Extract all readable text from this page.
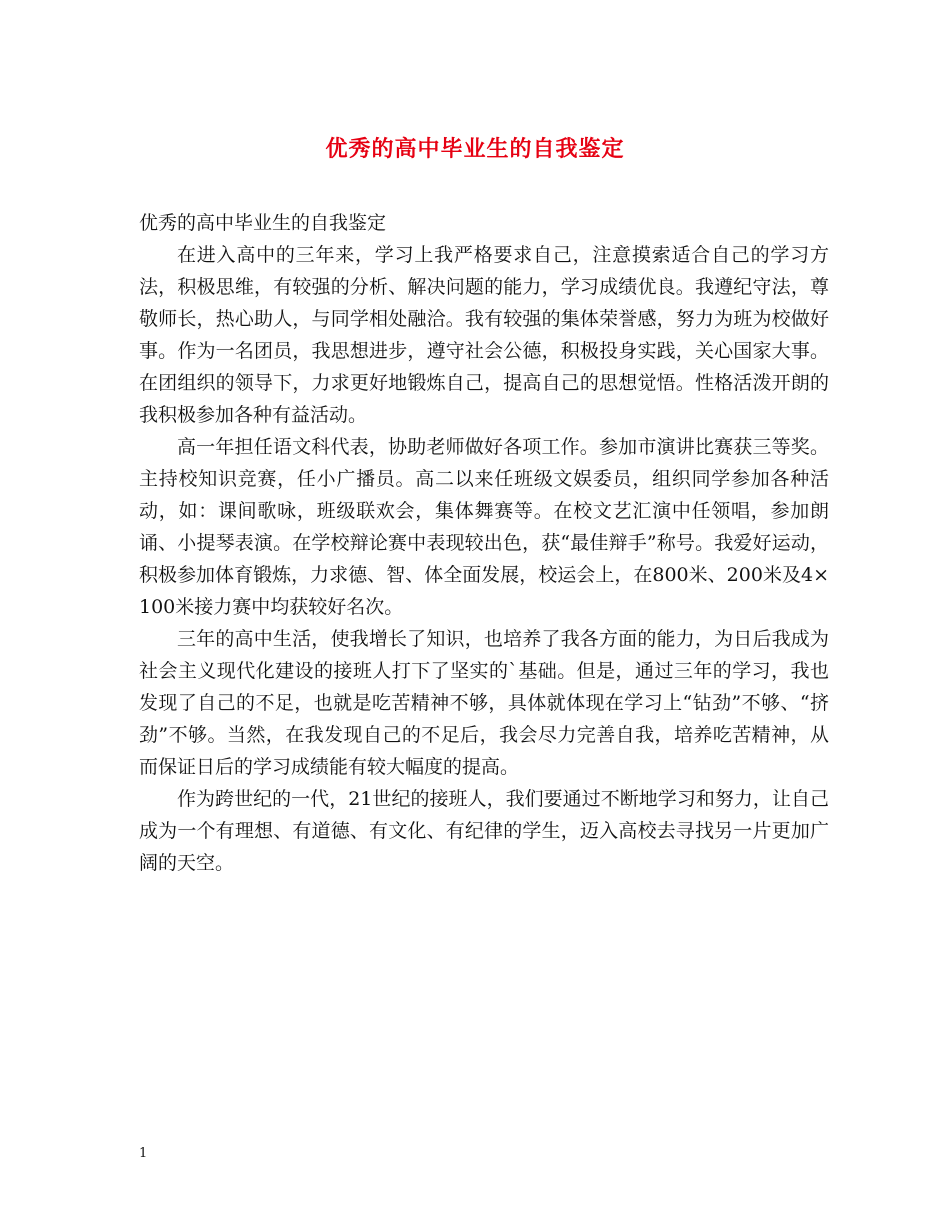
优秀的高中毕业生的自我鉴定

优秀的高中毕业生的自我鉴定

在进入高中的三年来，学习上我严格要求自己，注意摸索适合自己的学习方法，积极思维，有较强的分析、解决问题的能力，学习成绩优良。我遵纪守法，尊敬师长，热心助人，与同学相处融洽。我有较强的集体荣誉感，努力为班为校做好事。作为一名团员，我思想进步，遵守社会公德，积极投身实践，关心国家大事。在团组织的领导下，力求更好地锻炼自己，提高自己的思想觉悟。性格活泼开朗的我积极参加各种有益活动。

高一年担任语文科代表，协助老师做好各项工作。参加市演讲比赛获三等奖。主持校知识竞赛，任小广播员。高二以来任班级文娱委员，组织同学参加各种活动，如：课间歌咏，班级联欢会，集体舞赛等。在校文艺汇演中任领唱，参加朗诵、小提琴表演。在学校辩论赛中表现较出色，获“最佳辩手”称号。我爱好运动，积极参加体育锻炼，力求德、智、体全面发展，校运会上，在800米、200米及4×100米接力赛中均获较好名次。

三年的高中生活，使我增长了知识，也培养了我各方面的能力，为日后我成为社会主义现代化建设的接班人打下了坚实的`基础。但是，通过三年的学习，我也发现了自己的不足，也就是吃苦精神不够，具体就体现在学习上“钻劲”不够、“挤劲”不够。当然，在我发现自己的不足后，我会尽力完善自我，培养吃苦精神，从而保证日后的学习成绩能有较大幅度的提高。

作为跨世纪的一代，21世纪的接班人，我们要通过不断地学习和努力，让自己成为一个有理想、有道德、有文化、有纪律的学生，迈入高校去寻找另一片更加广阔的天空。

1
